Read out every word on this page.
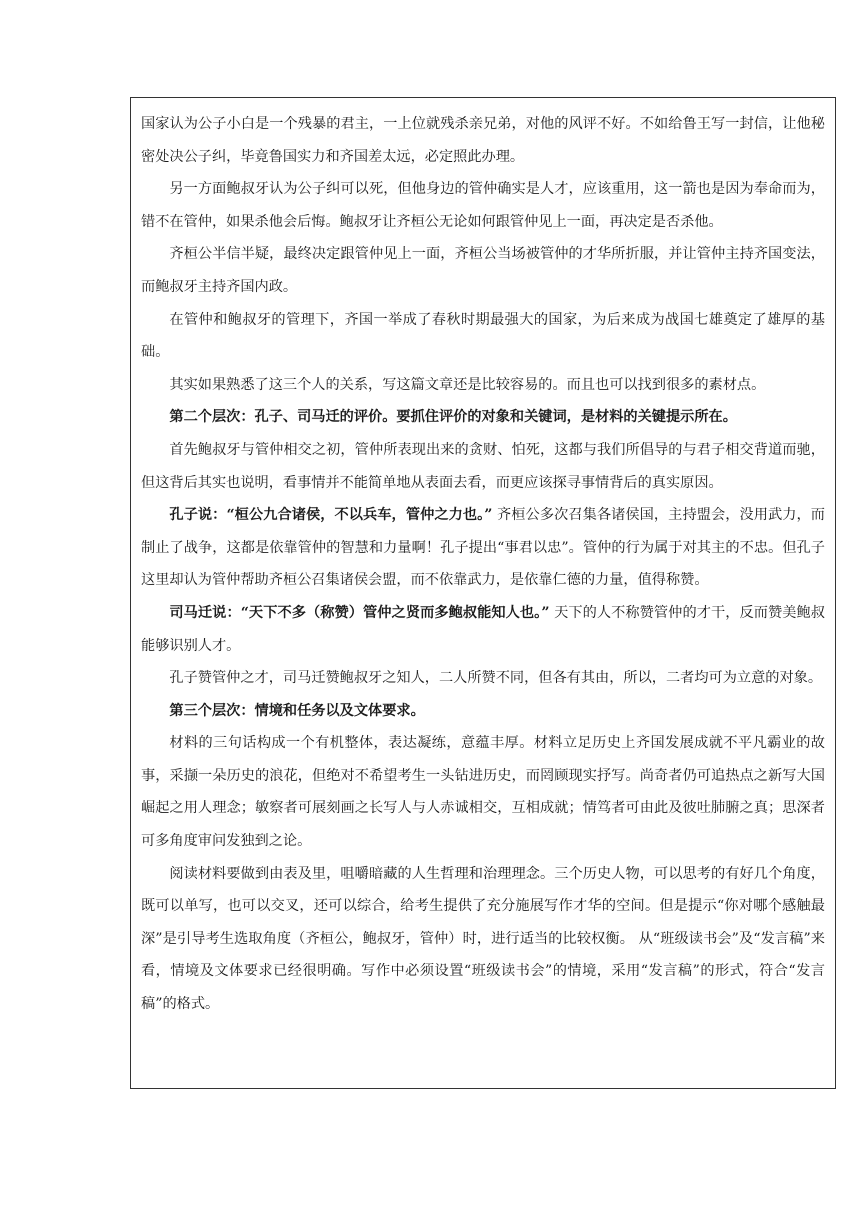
国家认为公子小白是一个残暴的君主，一上位就残杀亲兄弟，对他的风评不好。不如给鲁王写一封信，让他秘密处决公子纠，毕竟鲁国实力和齐国差太远，必定照此办理。

另一方面鲍叔牙认为公子纠可以死，但他身边的管仲确实是人才，应该重用，这一箭也是因为奉命而为，错不在管仲，如果杀他会后悔。鲍叔牙让齐桓公无论如何跟管仲见上一面，再决定是否杀他。

齐桓公半信半疑，最终决定跟管仲见上一面，齐桓公当场被管仲的才华所折服，并让管仲主持齐国变法，而鲍叔牙主持齐国内政。

在管仲和鲍叔牙的管理下，齐国一举成了春秋时期最强大的国家，为后来成为战国七雄奠定了雄厚的基础。

其实如果熟悉了这三个人的关系，写这篇文章还是比较容易的。而且也可以找到很多的素材点。

第二个层次：孔子、司马迁的评价。要抓住评价的对象和关键词，是材料的关键提示所在。

首先鲍叔牙与管仲相交之初，管仲所表现出来的贪财、怕死，这都与我们所倡导的与君子相交背道而驰，但这背后其实也说明，看事情并不能简单地从表面去看，而更应该探寻事情背后的真实原因。

孔子说：“桓公九合诸侯，不以兵车，管仲之力也。” 齐桓公多次召集各诸侯国，主持盟会，没用武力，而制止了战争，这都是依靠管仲的智慧和力量啊！孔子提出“事君以忠”。管仲的行为属于对其主的不忠。但孔子这里却认为管仲帮助齐桓公召集诸侯会盟，而不依靠武力，是依靠仁德的力量，值得称赞。

司马迁说：“天下不多（称赞）管仲之贤而多鲍叔能知人也。” 天下的人不称赞管仲的才干，反而赞美鲍叔能够识别人才。

孔子赞管仲之才，司马迁赞鲍叔牙之知人，二人所赞不同，但各有其由，所以，二者均可为立意的对象。

第三个层次：情境和任务以及文体要求。

材料的三句话构成一个有机整体，表达凝练，意蕴丰厚。材料立足历史上齐国发展成就不平凡霸业的故事，采撷一朵历史的浪花，但绝对不希望考生一头钻进历史，而罔顾现实抒写。尚奇者仍可追热点之新写大国崛起之用人理念；敏察者可展刻画之长写人与人赤诚相交，互相成就；情笃者可由此及彼吐肺腑之真；思深者可多角度审问发独到之论。

阅读材料要做到由表及里，咀嚼暗藏的人生哲理和治理理念。三个历史人物，可以思考的有好几个角度，既可以单写，也可以交叉，还可以综合，给考生提供了充分施展写作才华的空间。但是提示“你对哪个感触最深”是引导考生选取角度（齐桓公，鲍叔牙，管仲）时，进行适当的比较权衡。 从“班级读书会”及“发言稿”来看，情境及文体要求已经很明确。写作中必须设置“班级读书会”的情境，采用“发言稿”的形式，符合“发言稿”的格式。
